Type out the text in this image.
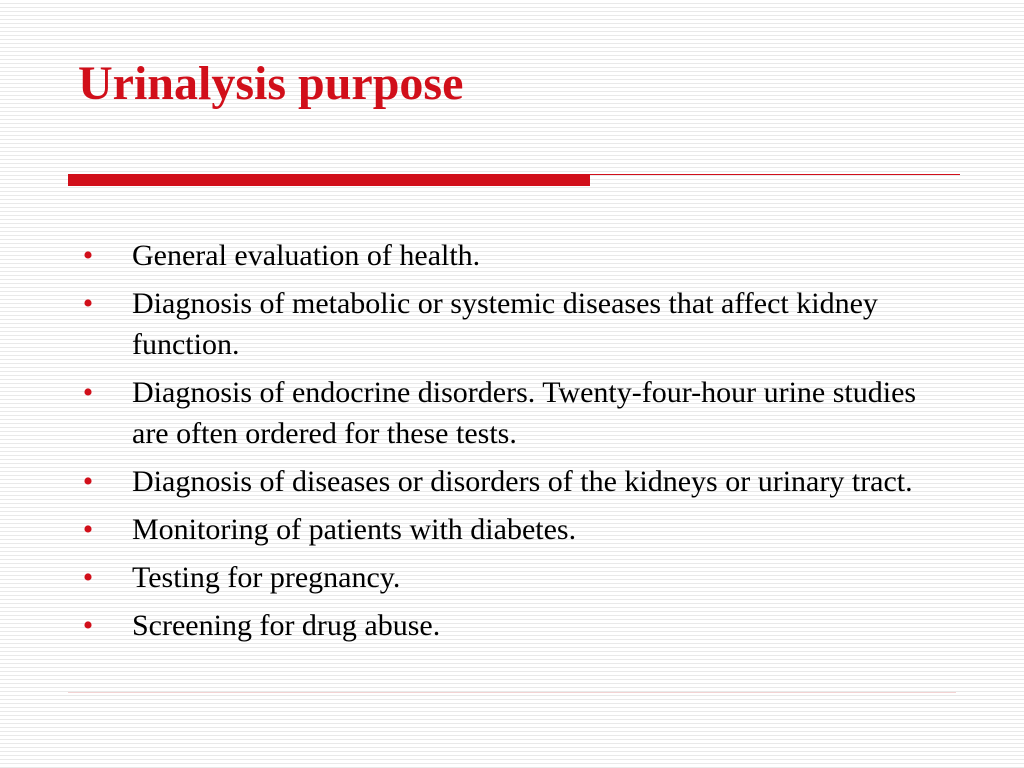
Urinalysis purpose
• General evaluation of health.
• Diagnosis of metabolic or systemic diseases that affect kidney function.
• Diagnosis of endocrine disorders. Twenty-four-hour urine studies are often ordered for these tests.
• Diagnosis of diseases or disorders of the kidneys or urinary tract.
• Monitoring of patients with diabetes.
• Testing for pregnancy.
• Screening for drug abuse.
